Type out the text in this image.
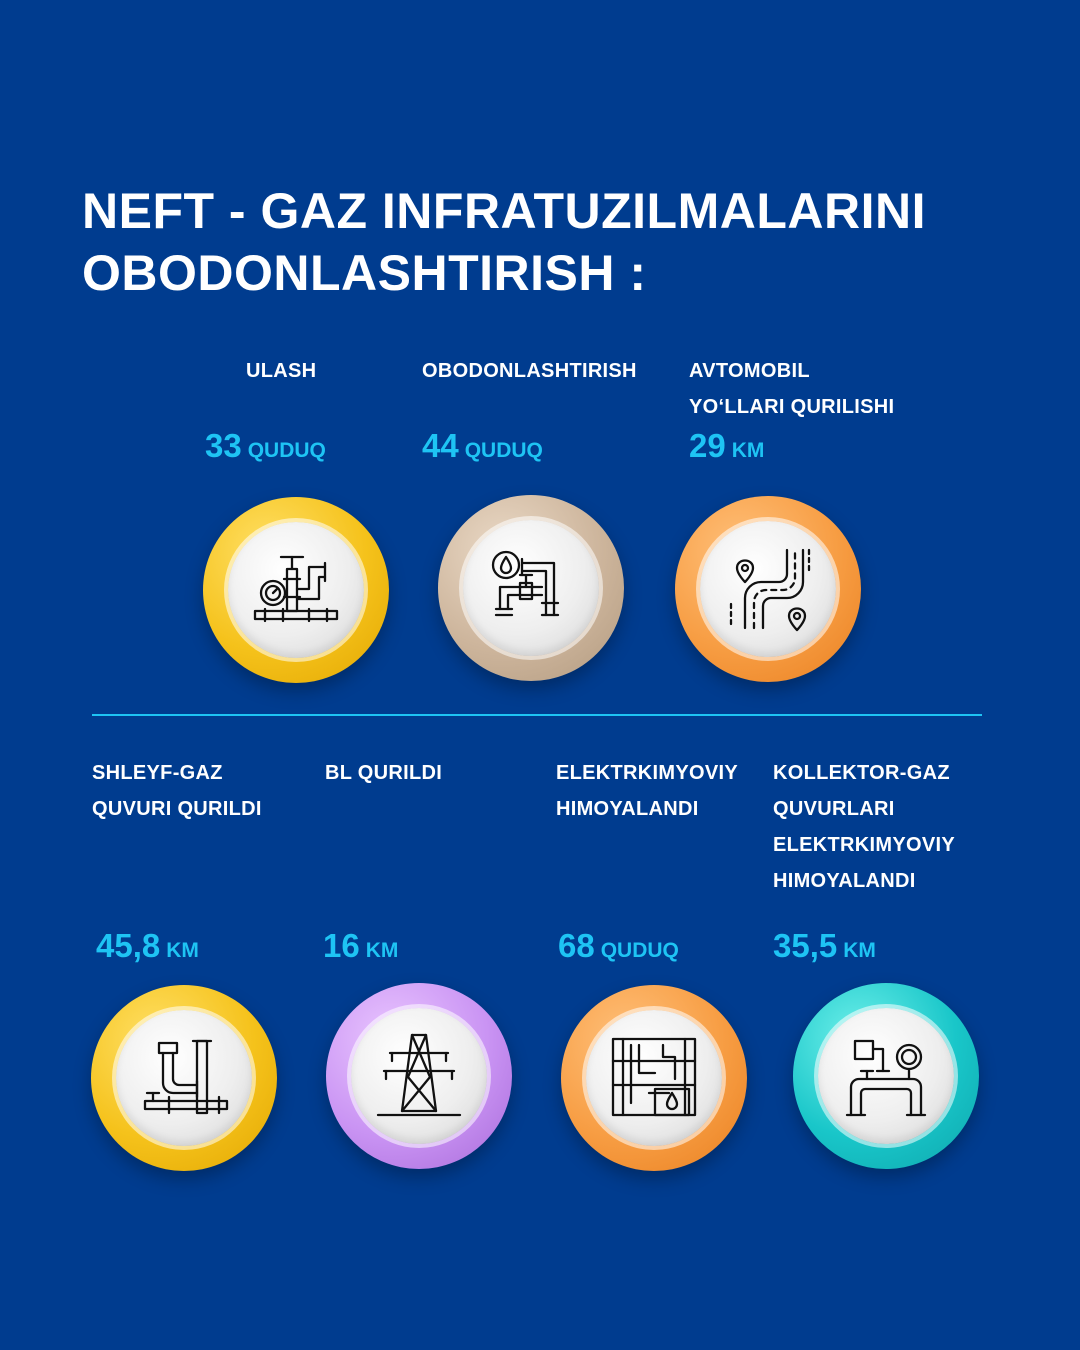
NEFT - GAZ INFRATUZILMALARINI
OBODONLASHTIRISH :
ULASH
33 QUDUQ
OBODONLASHTIRISH
44 QUDUQ
AVTOMOBIL
YO‘LLARI QURILISHI
29 KM
SHLEYF-GAZ
QUVURI QURILDI
45,8 KM
BL QURILDI
16 KM
ELEKTRKIMYOVIY
HIMOYALANDI
68 QUDUQ
KOLLEKTOR-GAZ
QUVURLARI
ELEKTRKIMYOVIY
HIMOYALANDI
35,5 KM
